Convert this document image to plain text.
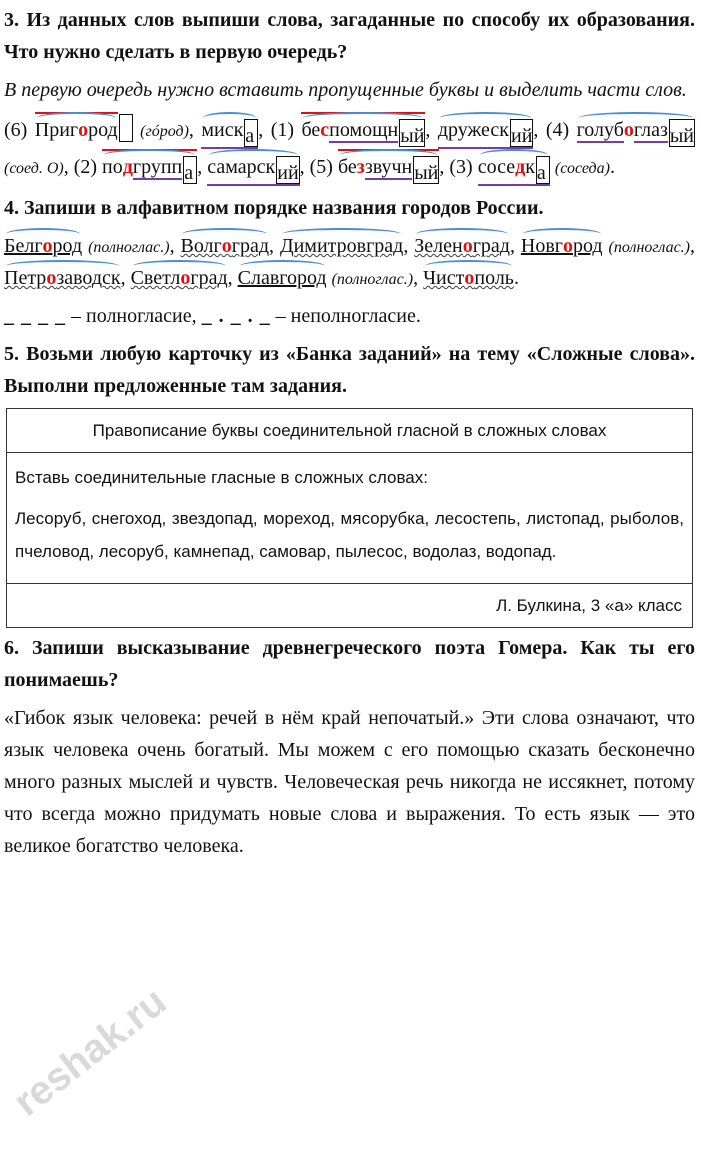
3. Из данных слов выпиши слова, загаданные по способу их образования. Что нужно сделать в первую очередь?

В первую очередь нужно вставить пропущенные буквы и выделить части слов.

(6) Пригород (гóрод), миск а , (1) беспомощн ый, дружеск ий, (4) голубоглаз ый (соед. О), (2) подгрупп а , самарск ий, (5) беззвучн ый, (3) соседк а (соседа).

4. Запиши в алфавитном порядке названия городов России.

Белгород (полноглас.), Волгоград, Димитровград, Зеленоград, Новгород (полноглас.), Петрозаводск, Светлоград, Славгород (полноглас.), Чистополь.

_ _ _ _ – полногласие, _ . _ . _ – неполногласие.

5. Возьми любую карточку из «Банка заданий» на тему «Сложные слова». Выполни предложенные там задания.

Правописание буквы соединительной гласной в сложных словах

Вставь соединительные гласные в сложных словах:

Лесоруб, снегоход, звездопад, мореход, мясорубка, лесостепь, листопад, рыболов, пчеловод, лесоруб, камнепад, самовар, пылесос, водолаз, водопад.

Л. Булкина, 3 «а» класс

6. Запиши высказывание древнегреческого поэта Гомера. Как ты его понимаешь?

«Гибок язык человека: речей в нём край непочатый.» Эти слова означают, что язык человека очень богатый. Мы можем с его помощью сказать бесконечно много разных мыслей и чувств. Человеческая речь никогда не иссякнет, потому что всегда можно придумать новые слова и выражения. То есть язык — это великое богатство человека.

reshak.ru
